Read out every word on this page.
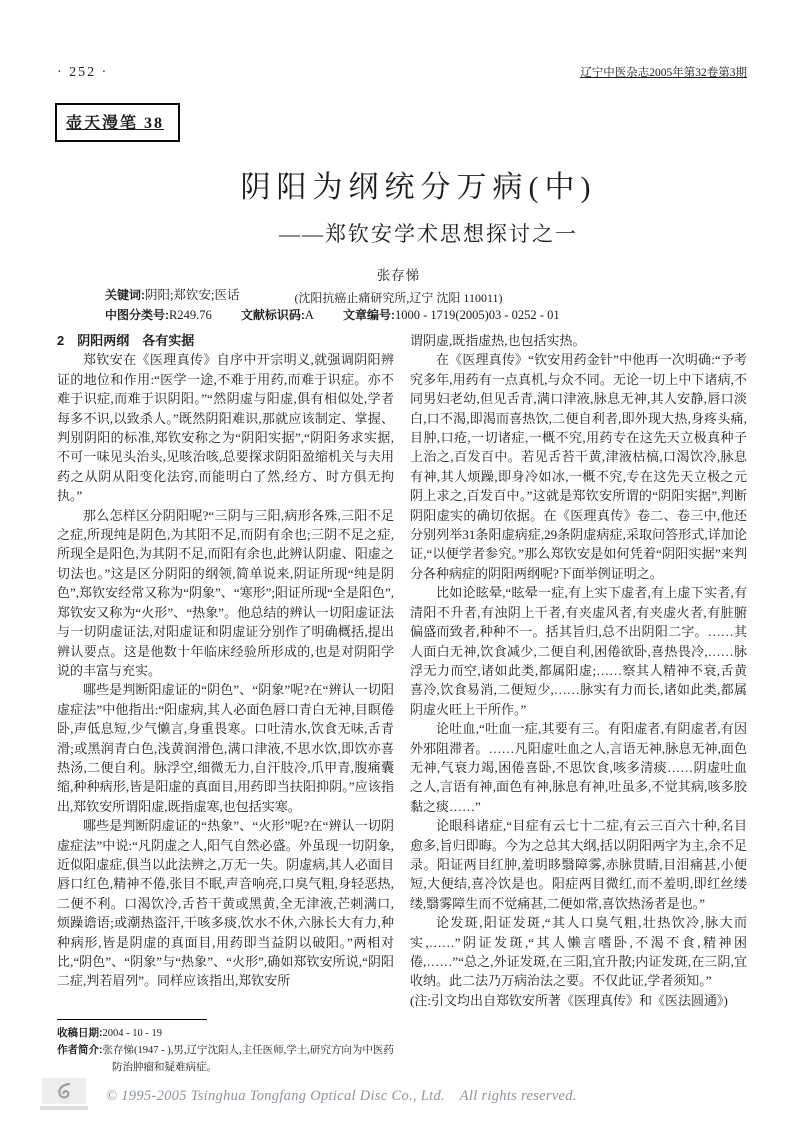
· 252 ·	辽宁中医杂志2005年第32卷第3期
壶天漫笔 38
阴阳为纲统分万病(中)
——郑钦安学术思想探讨之一
张存悌
(沈阳抗癌止痛研究所,辽宁 沈阳 110011)
关键词:阴阳;郑钦安;医话
中图分类号:R249.76 文献标识码:A 文章编号:1000 - 1719(2005)03 - 0252 - 01
2　阴阳两纲　各有实据

郑钦安在《医理真传》自序中开宗明义,就强调阴阳辨证的地位和作用:“医学一途,不难于用药,而难于识症。亦不难于识症,而难于识阴阳。”“然阴虚与阳虚,俱有相似处,学者每多不识,以致杀人。”既然阴阳难识,那就应该制定、掌握、判别阴阳的标准,郑钦安称之为“阴阳实据”,“阴阳务求实据,不可一味见头治头,见咳治咳,总要探求阴阳盈缩机关与夫用药之从阴从阳变化法窍,而能明白了然,经方、时方俱无拘执。”

那么怎样区分阴阳呢?“三阴与三阳,病形各殊,三阳不足之症,所现纯是阴色,为其阳不足,而阴有余也;三阴不足之症,所现全是阳色,为其阴不足,而阳有余也,此辨认阴虚、阳虚之切法也。”这是区分阴阳的纲领,简单说来,阴证所现“纯是阴色”,郑钦安经常又称为“阴象”、“寒形”;阳证所现“全是阳色”,郑钦安又称为“火形”、“热象”。他总结的辨认一切阳虚证法与一切阴虚证法,对阳虚证和阴虚证分别作了明确概括,提出辨认要点。这是他数十年临床经验所形成的,也是对阴阳学说的丰富与充实。

哪些是判断阳虚证的“阴色”、“阴象”呢?在“辨认一切阳虚症法”中他指出:“阳虚病,其人必面色唇口青白无神,目瞑倦卧,声低息短,少气懒言,身重畏寒。口吐清水,饮食无味,舌青滑;或黑润青白色,浅黄润滑色,满口津液,不思水饮,即饮亦喜热汤,二便自利。脉浮空,细微无力,自汗肢冷,爪甲青,腹痛囊缩,种种病形,皆是阳虚的真面目,用药即当扶阳抑阴。”应该指出,郑钦安所谓阳虚,既指虚寒,也包括实寒。

哪些是判断阴虚证的“热象”、“火形”呢?在“辨认一切阴虚症法”中说:“凡阴虚之人,阳气自然必盛。外虽现一切阴象,近似阳虚症,俱当以此法辨之,万无一失。阴虚病,其人必面目唇口红色,精神不倦,张目不眠,声音响亮,口臭气粗,身轻恶热,二便不利。口渴饮冷,舌苔干黄或黑黄,全无津液,芒刺满口,烦躁谵语;或潮热盗汗,干咳多痰,饮水不休,六脉长大有力,种种病形,皆是阴虚的真面目,用药即当益阴以破阳。”两相对比,“阴色”、“阴象”与“热象”、“火形”,确如郑钦安所说,“阴阳二症,判若眉列”。同样应该指出,郑钦安所

谓阴虚,既指虚热,也包括实热。

在《医理真传》“钦安用药金针”中他再一次明确:“予考究多年,用药有一点真机,与众不同。无论一切上中下诸病,不同男妇老幼,但见舌青,满口津液,脉息无神,其人安静,唇口淡白,口不渴,即渴而喜热饮,二便自利者,即外现大热,身疼头痛,目肿,口疮,一切诸症,一概不究,用药专在这先天立极真种子上治之,百发百中。若见舌苔干黄,津液枯槁,口渴饮冷,脉息有神,其人烦躁,即身冷如冰,一概不究,专在这先天立极之元阴上求之,百发百中。”这就是郑钦安所谓的“阴阳实据”,判断阴阳虚实的确切依据。在《医理真传》卷二、卷三中,他还分别列举31条阳虚病症,29条阴虚病症,采取问答形式,详加论证,“以便学者参究。”那么郑钦安是如何凭着“阴阳实据”来判分各种病症的阴阳两纲呢?下面举例证明之。

比如论眩晕,“眩晕一症,有上实下虚者,有上虚下实者,有清阳不升者,有浊阴上干者,有夹虚风者,有夹虚火者,有脏腑偏盛而致者,种种不一。括其旨归,总不出阴阳二字。……其人面白无神,饮食减少,二便自利,困倦欲卧,喜热畏冷,……脉浮无力而空,诸如此类,都属阳虚;……察其人精神不衰,舌黄喜冷,饮食易消,二便短少,……脉实有力而长,诸如此类,都属阴虚火旺上干所作。”

论吐血,“吐血一症,其要有三。有阳虚者,有阴虚者,有因外邪阻滞者。……凡阳虚吐血之人,言语无神,脉息无神,面色无神,气衰力竭,困倦喜卧,不思饮食,咳多清痰……阴虚吐血之人,言语有神,面色有神,脉息有神,吐虽多,不觉其病,咳多胶黏之痰……”

论眼科诸症,“目症有云七十二症,有云三百六十种,名目愈多,旨归即晦。今为之总其大纲,括以阴阳两字为主,余不足录。阳证两目红肿,羞明眵翳障雾,赤脉贯睛,目泪痛甚,小便短,大便结,喜冷饮是也。阳症两目微红,而不羞明,即红丝缕缕,翳雾障生而不觉痛甚,二便如常,喜饮热汤者是也。”

论发斑,阳证发斑,“其人口臭气粗,壮热饮冷,脉大而实,……”阴证发斑,“其人懒言嗜卧,不渴不食,精神困倦,……”“总之,外证发斑,在三阳,宜升散;内证发斑,在三阴,宜收纳。此二法乃万病治法之要。不仅此证,学者须知。”

(注:引文均出自郑钦安所著《医理真传》和《医法圆通》)

收稿日期:2004 - 10 - 19
作者简介:张存悌(1947 - ),男,辽宁沈阳人,主任医师,学士,研究方向为中医药防治肿瘤和疑难病症。
© 1995-2005 Tsinghua Tongfang Optical Disc Co., Ltd.　All rights reserved.
